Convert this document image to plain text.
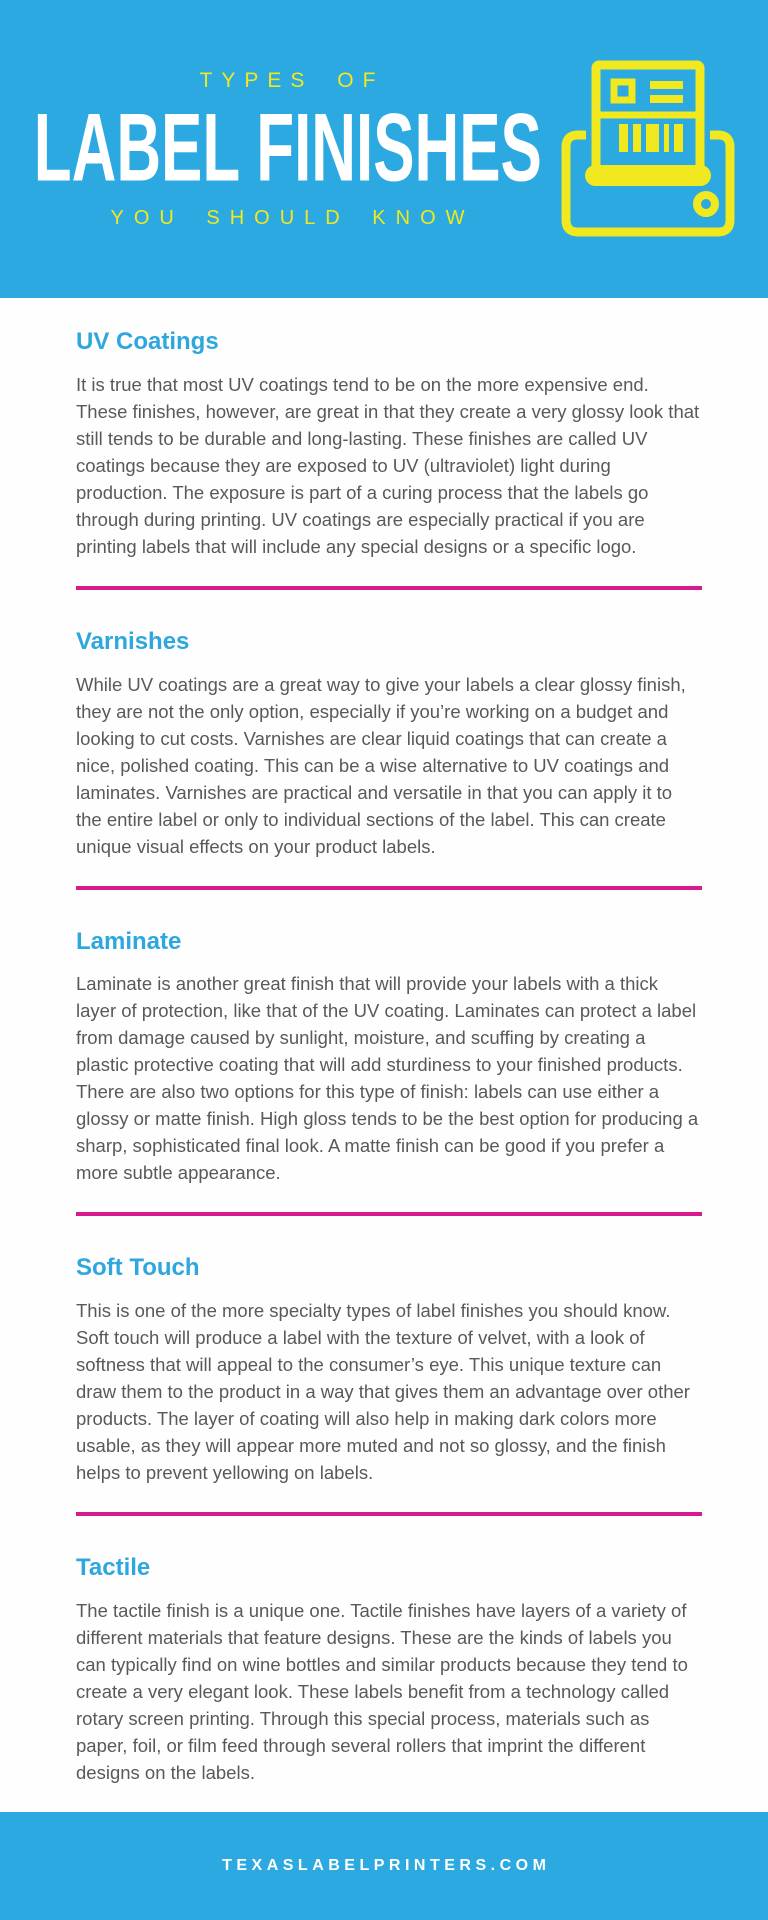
TYPES OF
LABEL FINISHES
YOU SHOULD KNOW
UV Coatings

It is true that most UV coatings tend to be on the more expensive end. These finishes, however, are great in that they create a very glossy look that still tends to be durable and long-lasting. These finishes are called UV coatings because they are exposed to UV (ultraviolet) light during production. The exposure is part of a curing process that the labels go through during printing. UV coatings are especially practical if you are printing labels that will include any special designs or a specific logo.

Varnishes

While UV coatings are a great way to give your labels a clear glossy finish, they are not the only option, especially if you’re working on a budget and looking to cut costs. Varnishes are clear liquid coatings that can create a nice, polished coating. This can be a wise alternative to UV coatings and laminates. Varnishes are practical and versatile in that you can apply it to the entire label or only to individual sections of the label. This can create unique visual effects on your product labels.

Laminate

Laminate is another great finish that will provide your labels with a thick layer of protection, like that of the UV coating. Laminates can protect a label from damage caused by sunlight, moisture, and scuffing by creating a plastic protective coating that will add sturdiness to your finished products. There are also two options for this type of finish: labels can use either a glossy or matte finish. High gloss tends to be the best option for producing a sharp, sophisticated final look. A matte finish can be good if you prefer a more subtle appearance.

Soft Touch

This is one of the more specialty types of label finishes you should know. Soft touch will produce a label with the texture of velvet, with a look of softness that will appeal to the consumer’s eye. This unique texture can draw them to the product in a way that gives them an advantage over other products. The layer of coating will also help in making dark colors more usable, as they will appear more muted and not so glossy, and the finish helps to prevent yellowing on labels.

Tactile

The tactile finish is a unique one. Tactile finishes have layers of a variety of different materials that feature designs. These are the kinds of labels you can typically find on wine bottles and similar products because they tend to create a very elegant look. These labels benefit from a technology called rotary screen printing. Through this special process, materials such as paper, foil, or film feed through several rollers that imprint the different designs on the labels.

TEXASLABELPRINTERS.COM
